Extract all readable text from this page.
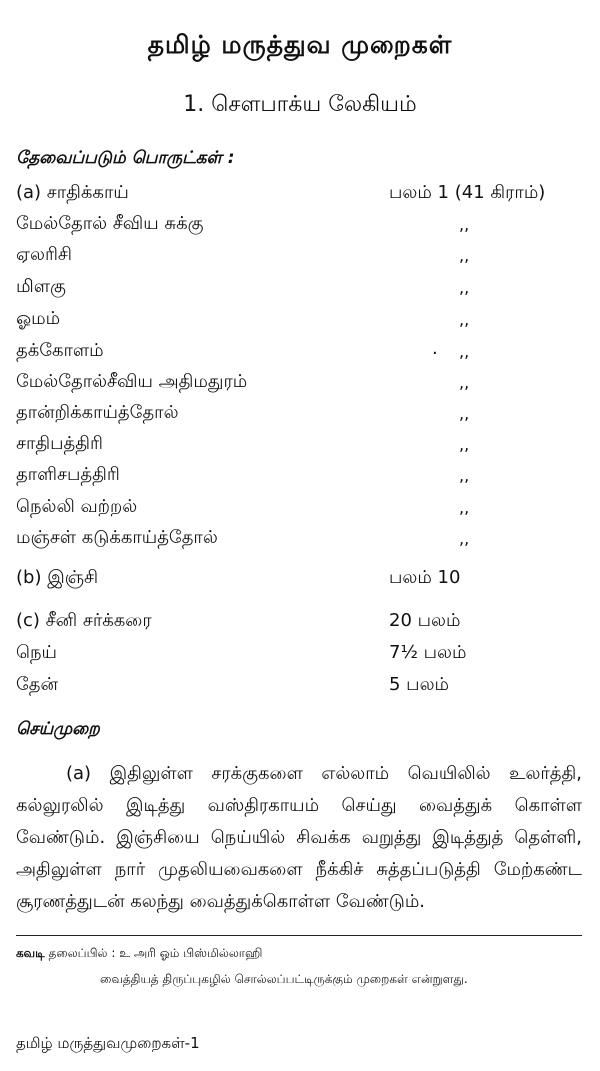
தமிழ் மருத்துவ முறைகள்
1. சௌபாக்ய லேகியம்
தேவைப்படும் பொருட்கள் :
(a) சாதிக்காய்	பலம் 1 (41 கிராம்)
மேல்தோல் சீவிய சுக்கு	,,
ஏலரிசி	,,
மிளகு	,,
ஓமம்	,,
தக்கோளம்	. ,,
மேல்தோல்சீவிய அதிமதுரம்	,,
தான்றிக்காய்த்தோல்	,,
சாதிபத்திரி	,,
தாளிசபத்திரி	,,
நெல்லி வற்றல்	,,
மஞ்சள் கடுக்காய்த்தோல்	,,
(b) இஞ்சி	பலம் 10
(c) சீனி சர்க்கரை	20 பலம்
நெய்	7½ பலம்
தேன்	5 பலம்
செய்முறை
(a) இதிலுள்ள சரக்குகளை எல்லாம் வெயிலில் உலர்த்தி, கல்லுரலில் இடித்து வஸ்திரகாயம் செய்து வைத்துக் கொள்ள வேண்டும். இஞ்சியை நெய்யில் சிவக்க வறுத்து இடித்துத் தெள்ளி, அதிலுள்ள நார் முதலியவைகளை நீக்கிச் சுத்தப்படுத்தி மேற்கண்ட சூரணத்துடன் கலந்து வைத்துக்கொள்ள வேண்டும்.
கவடி தலைப்பில் : உ அரி ஓம் பிஸ்மில்லாஹி
வைத்தியத் திருப்புகழில் சொல்லப்பட்டிருக்கும் முறைகள் என்றுளது.
தமிழ் மருத்துவமுறைகள்-1
